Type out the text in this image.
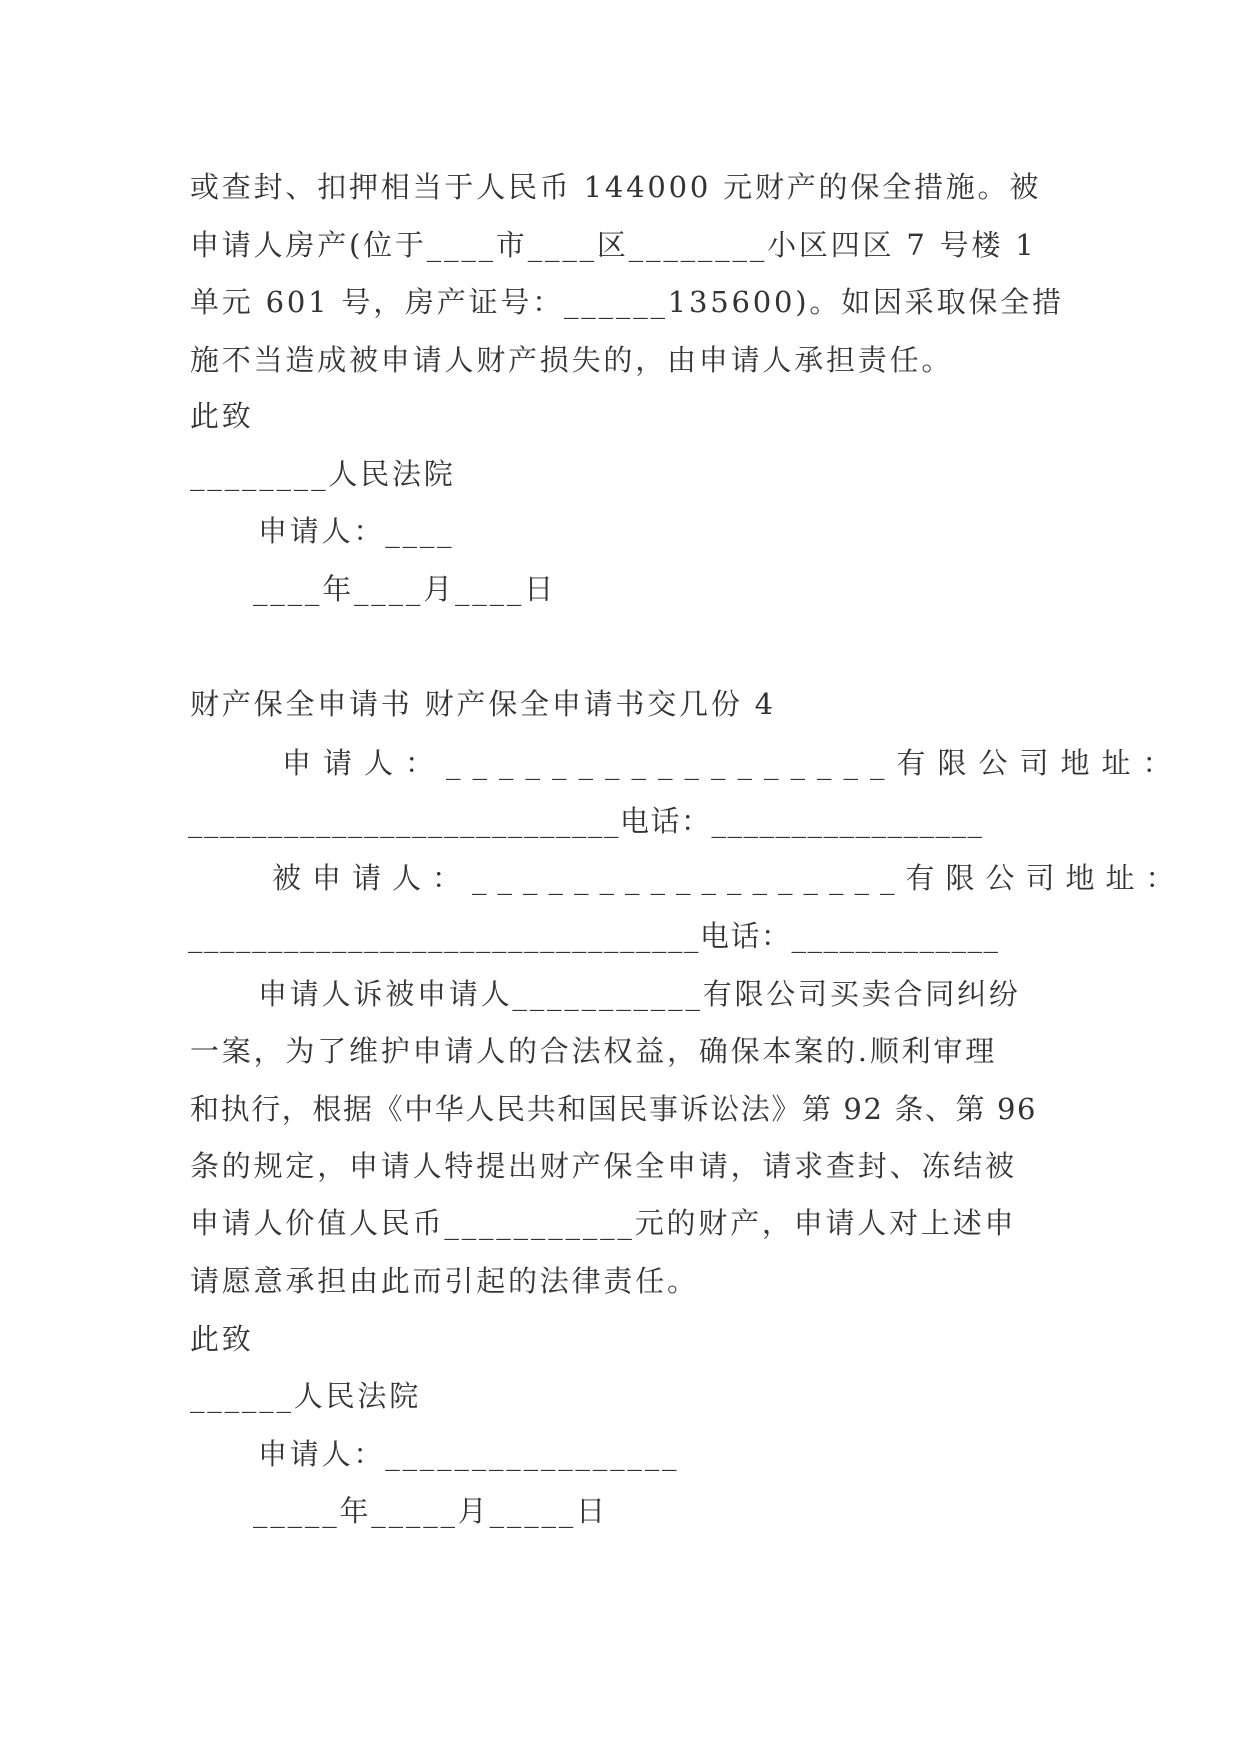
或查封、扣押相当于人民币 144000 元财产的保全措施。被
申请人房产(位于____市____区________小区四区 7 号楼 1
单元 601 号，房产证号：______135600)。如因采取保全措
施不当造成被申请人财产损失的，由申请人承担责任。
此致
________人民法院
申请人：____
____年____月____日
财产保全申请书 财产保全申请书交几份 4
申请人：_________________有限公司地址：
___________________________电话：_________________
被申请人：_________________有限公司地址：
________________________________电话：_____________
申请人诉被申请人___________有限公司买卖合同纠纷
一案，为了维护申请人的合法权益，确保本案的.顺利审理
和执行，根据《中华人民共和国民事诉讼法》第 92 条、第 96
条的规定，申请人特提出财产保全申请，请求查封、冻结被
申请人价值人民币___________元的财产，申请人对上述申
请愿意承担由此而引起的法律责任。
此致
______人民法院
申请人：_________________
_____年_____月_____日
